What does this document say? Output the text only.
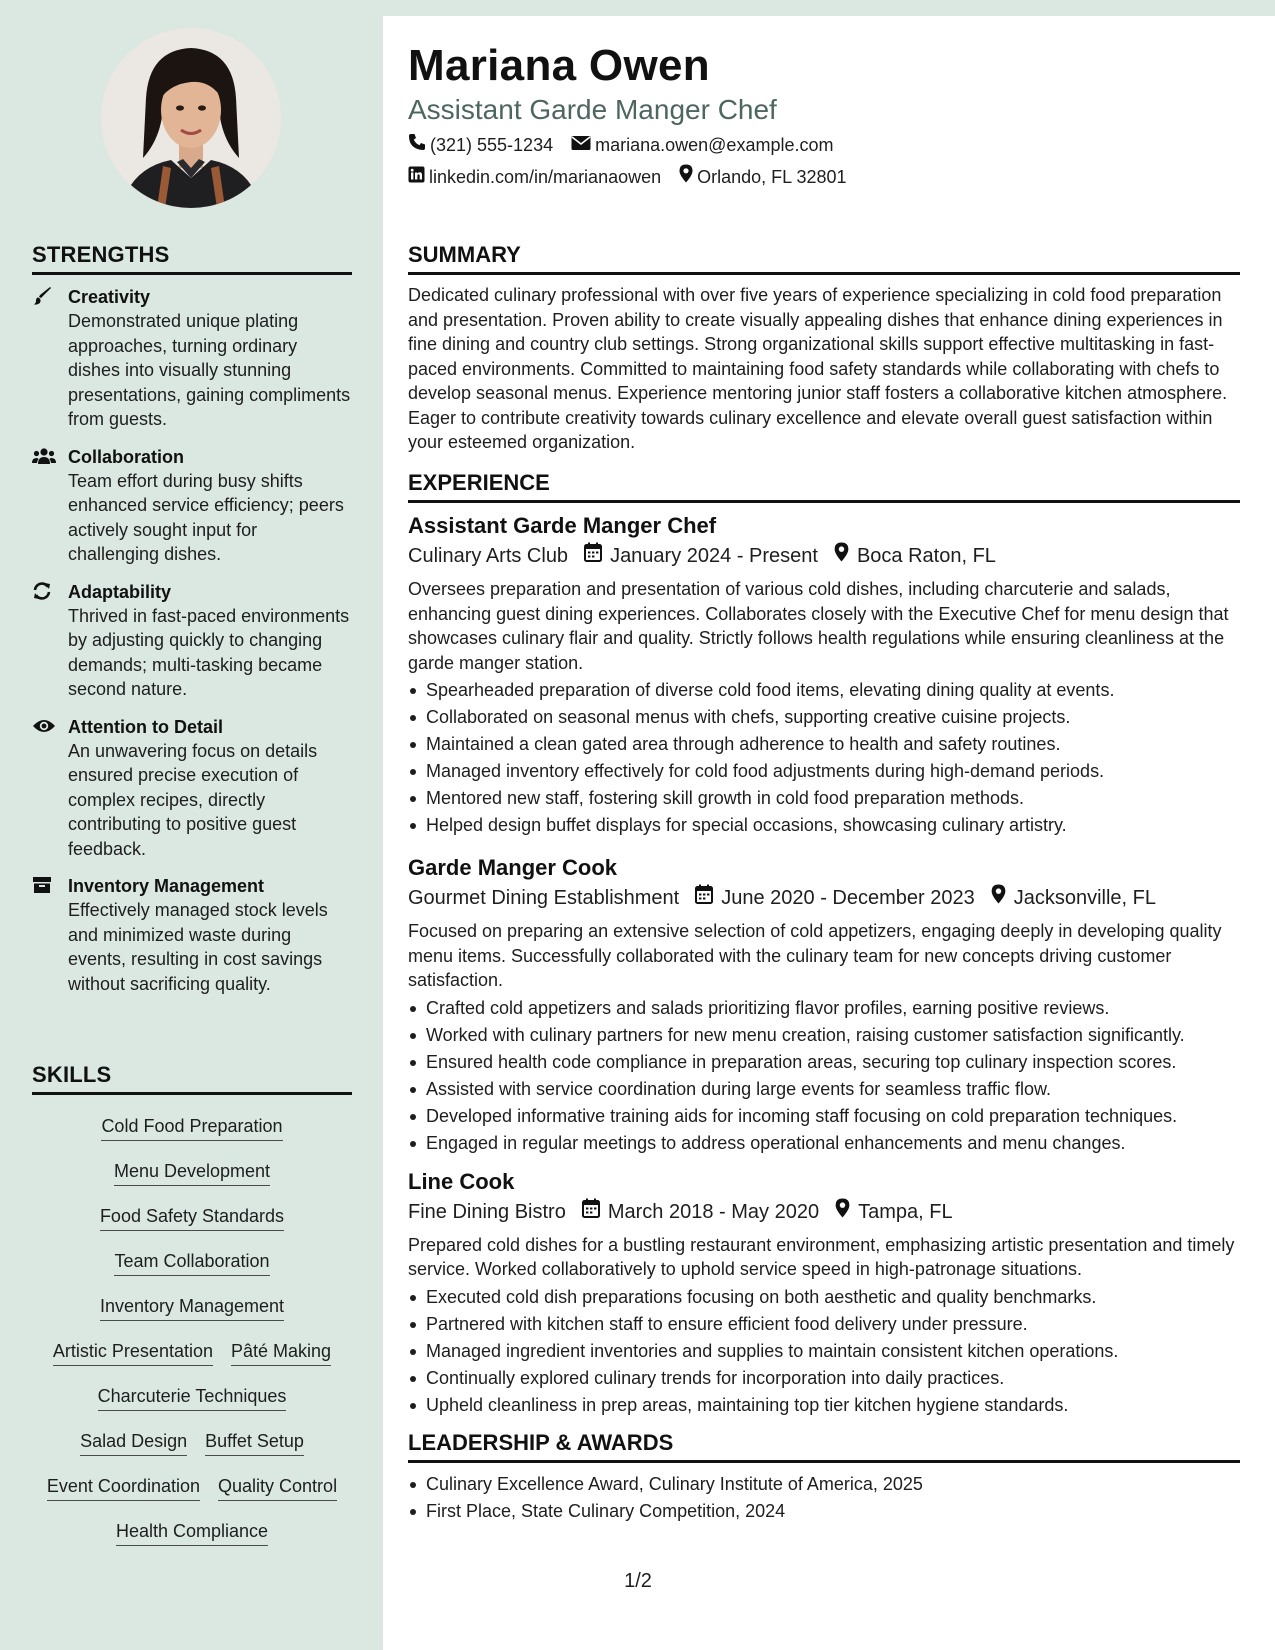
STRENGTHS
Creativity
Demonstrated unique plating approaches, turning ordinary dishes into visually stunning presentations, gaining compliments from guests.
Collaboration
Team effort during busy shifts enhanced service efficiency; peers actively sought input for challenging dishes.
Adaptability
Thrived in fast-paced environments by adjusting quickly to changing demands; multi-tasking became second nature.
Attention to Detail
An unwavering focus on details ensured precise execution of complex recipes, directly contributing to positive guest feedback.
Inventory Management
Effectively managed stock levels and minimized waste during events, resulting in cost savings without sacrificing quality.
SKILLS
Cold Food Preparation
Menu Development
Food Safety Standards
Team Collaboration
Inventory Management
Artistic Presentation Pâté Making
Charcuterie Techniques
Salad Design Buffet Setup
Event Coordination Quality Control
Health Compliance
Mariana Owen
Assistant Garde Manger Chef
(321) 555-1234 mariana.owen@example.com
linkedin.com/in/marianaowen Orlando, FL 32801
SUMMARY

Dedicated culinary professional with over five years of experience specializing in cold food preparation and presentation. Proven ability to create visually appealing dishes that enhance dining experiences in fine dining and country club settings. Strong organizational skills support effective multitasking in fast-paced environments. Committed to maintaining food safety standards while collaborating with chefs to develop seasonal menus. Experience mentoring junior staff fosters a collaborative kitchen atmosphere. Eager to contribute creativity towards culinary excellence and elevate overall guest satisfaction within your esteemed organization.

EXPERIENCE
Assistant Garde Manger Chef
Culinary Arts Club January 2024 - Present Boca Raton, FL

Oversees preparation and presentation of various cold dishes, including charcuterie and salads, enhancing guest dining experiences. Collaborates closely with the Executive Chef for menu design that showcases culinary flair and quality. Strictly follows health regulations while ensuring cleanliness at the garde manger station.

Spearheaded preparation of diverse cold food items, elevating dining quality at events.
Collaborated on seasonal menus with chefs, supporting creative cuisine projects.
Maintained a clean gated area through adherence to health and safety routines.
Managed inventory effectively for cold food adjustments during high-demand periods.
Mentored new staff, fostering skill growth in cold food preparation methods.
Helped design buffet displays for special occasions, showcasing culinary artistry.
Garde Manger Cook
Gourmet Dining Establishment June 2020 - December 2023 Jacksonville, FL

Focused on preparing an extensive selection of cold appetizers, engaging deeply in developing quality menu items. Successfully collaborated with the culinary team for new concepts driving customer satisfaction.

Crafted cold appetizers and salads prioritizing flavor profiles, earning positive reviews.
Worked with culinary partners for new menu creation, raising customer satisfaction significantly.
Ensured health code compliance in preparation areas, securing top culinary inspection scores.
Assisted with service coordination during large events for seamless traffic flow.
Developed informative training aids for incoming staff focusing on cold preparation techniques.
Engaged in regular meetings to address operational enhancements and menu changes.
Line Cook
Fine Dining Bistro March 2018 - May 2020 Tampa, FL

Prepared cold dishes for a bustling restaurant environment, emphasizing artistic presentation and timely service. Worked collaboratively to uphold service speed in high-patronage situations.

Executed cold dish preparations focusing on both aesthetic and quality benchmarks.
Partnered with kitchen staff to ensure efficient food delivery under pressure.
Managed ingredient inventories and supplies to maintain consistent kitchen operations.
Continually explored culinary trends for incorporation into daily practices.
Upheld cleanliness in prep areas, maintaining top tier kitchen hygiene standards.
LEADERSHIP & AWARDS
Culinary Excellence Award, Culinary Institute of America, 2025
First Place, State Culinary Competition, 2024
1/2
